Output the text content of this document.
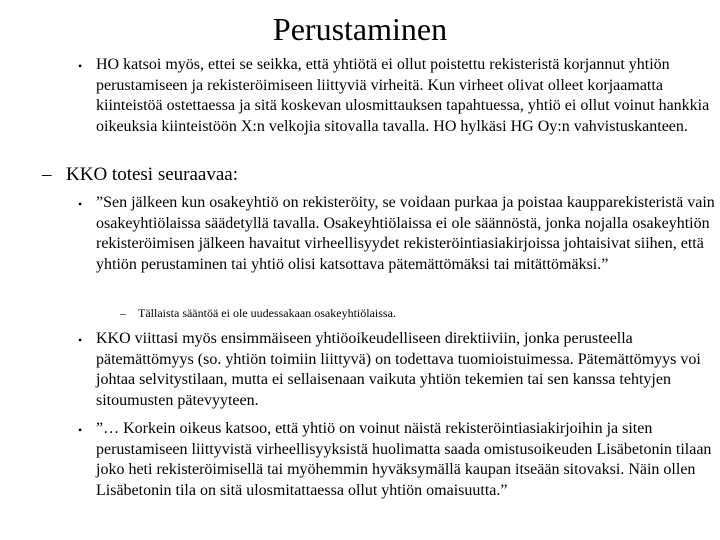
Perustaminen
• HO katsoi myös, ettei se seikka, että yhtiötä ei ollut poistettu rekisteristä korjannut yhtiön perustamiseen ja rekisteröimiseen liittyviä virheitä. Kun virheet olivat olleet korjaamatta kiinteistöä ostettaessa ja sitä koskevan ulosmittauksen tapahtuessa, yhtiö ei ollut voinut hankkia oikeuksia kiinteistöön X:n velkojia sitovalla tavalla. HO hylkäsi HG Oy:n vahvistuskanteen.
– KKO totesi seuraavaa:
• ”Sen jälkeen kun osakeyhtiö on rekisteröity, se voidaan purkaa ja poistaa kaupparekisteristä vain osakeyhtiölaissa säädetyllä tavalla. Osakeyhtiölaissa ei ole säännöstä, jonka nojalla osakeyhtiön rekisteröimisen jälkeen havaitut virheellisyydet rekisteröintiasiakirjoissa johtaisivat siihen, että yhtiön perustaminen tai yhtiö olisi katsottava pätemättömäksi tai mitättömäksi.”
– Tällaista sääntöä ei ole uudessakaan osakeyhtiölaissa.
• KKO viittasi myös ensimmäiseen yhtiöoikeudelliseen direktiiviin, jonka perusteella pätemättömyys (so. yhtiön toimiin liittyvä) on todettava tuomioistuimessa. Pätemättömyys voi johtaa selvitystilaan, mutta ei sellaisenaan vaikuta yhtiön tekemien tai sen kanssa tehtyjen sitoumusten pätevyyteen.
• ”… Korkein oikeus katsoo, että yhtiö on voinut näistä rekisteröintiasiakirjoihin ja siten perustamiseen liittyvistä virheellisyyksistä huolimatta saada omistusoikeuden Lisäbetonin tilaan joko heti rekisteröimisellä tai myöhemmin hyväksymällä kaupan itseään sitovaksi. Näin ollen Lisäbetonin tila on sitä ulosmitattaessa ollut yhtiön omaisuutta.”
